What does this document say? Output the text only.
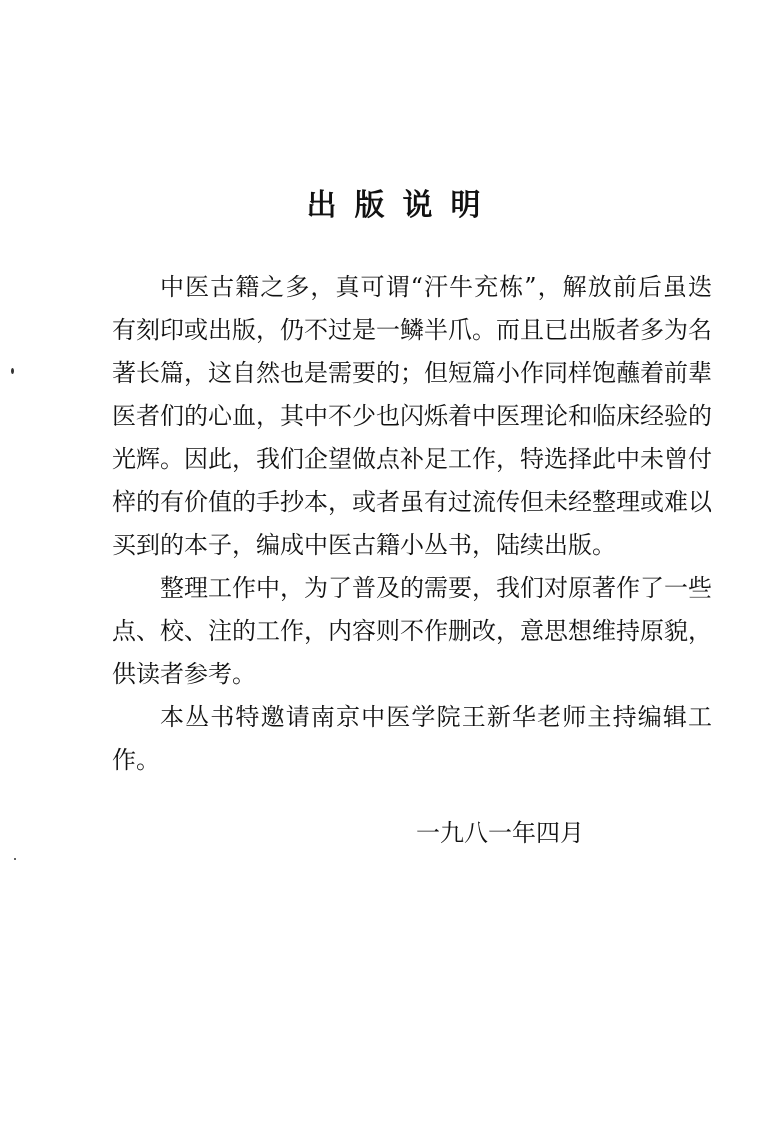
出版说明

中医古籍之多，真可谓“汗牛充栋”，解放前后虽迭有刻印或出版，仍不过是一鳞半爪。而且已出版者多为名著长篇，这自然也是需要的；但短篇小作同样饱蘸着前辈医者们的心血，其中不少也闪烁着中医理论和临床经验的光辉。因此，我们企望做点补足工作，特选择此中未曾付梓的有价值的手抄本，或者虽有过流传但未经整理或难以买到的本子，编成中医古籍小丛书，陆续出版。

整理工作中，为了普及的需要，我们对原著作了一些点、校、注的工作，内容则不作删改，意思想维持原貌，供读者参考。

本丛书特邀请南京中医学院王新华老师主持编辑工作。

一九八一年四月
